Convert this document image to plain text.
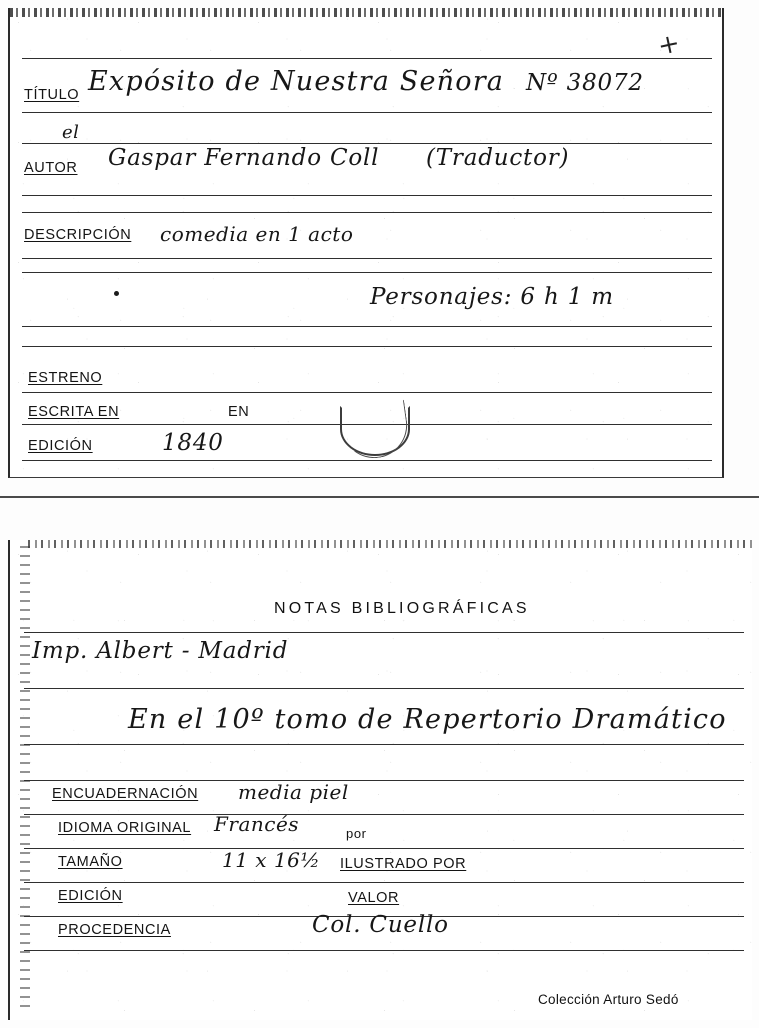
+
TÍTULO Expósito de Nuestra Señora Nº 38072
el
AUTOR Gaspar Fernando Coll (Traductor)
DESCRIPCIÓN comedia en 1 acto
Personajes: 6 h 1 m
ESTRENO
ESCRITA EN	EN
EDICIÓN	1840
NOTAS BIBLIOGRÁFICAS
Imp. Albert - Madrid
En el 10º tomo de Repertorio Dramático
ENCUADERNACIÓN media piel
IDIOMA ORIGINAL Francés	por
TAMAÑO	11 x 16½ ILUSTRADO POR
EDICIÓN	VALOR
PROCEDENCIA	Col. Cuello
Colección Arturo Sedó
